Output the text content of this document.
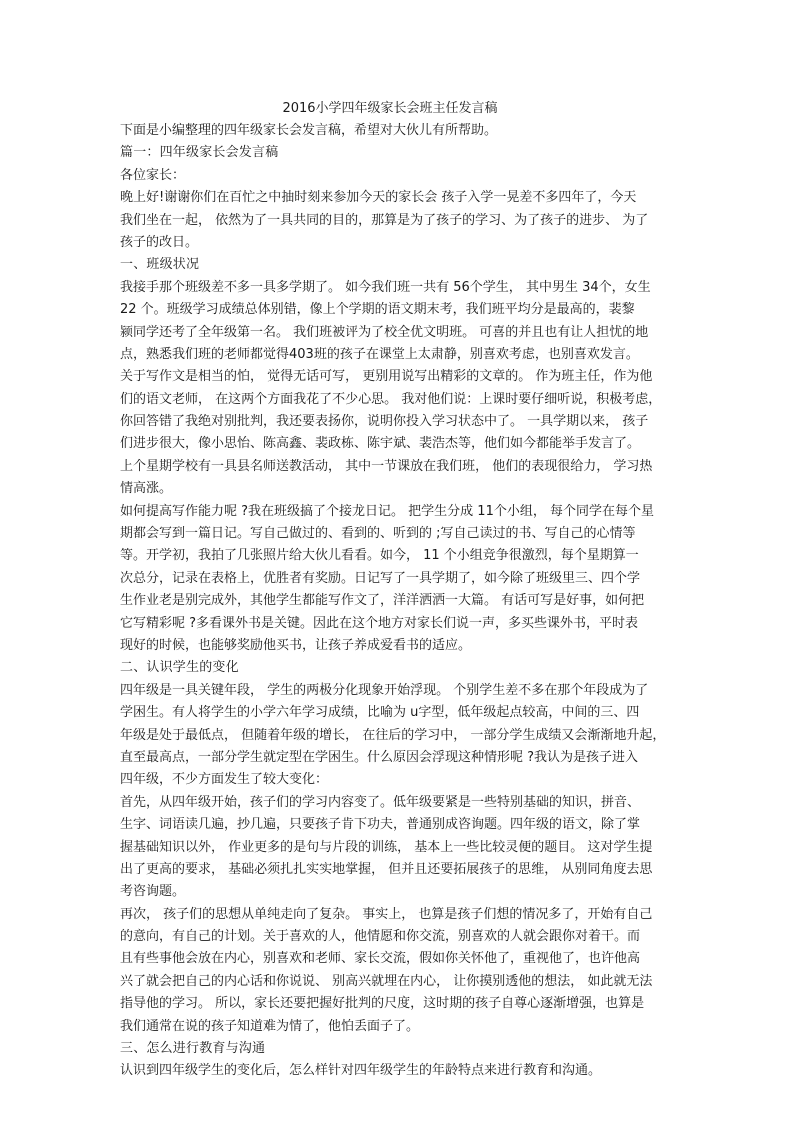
2016小学四年级家长会班主任发言稿
下面是小编整理的四年级家长会发言稿，希望对大伙儿有所帮助。
篇一：四年级家长会发言稿
各位家长：
晚上好!谢谢你们在百忙之中抽时刻来参加今天的家长会 孩子入学一晃差不多四年了，今天
我们坐在一起， 依然为了一具共同的目的，那算是为了孩子的学习、为了孩子的进步、 为了
孩子的改日。
一、班级状况
我接手那个班级差不多一具多学期了。 如今我们班一共有 56个学生， 其中男生 34个，女生
22 个。班级学习成绩总体别错，像上个学期的语文期末考，我们班平均分是最高的，裴黎
颍同学还考了全年级第一名。 我们班被评为了校全优文明班。 可喜的并且也有让人担忧的地
点，熟悉我们班的老师都觉得403班的孩子在课堂上太肃静，别喜欢考虑，也别喜欢发言。
关于写作文是相当的怕， 觉得无话可写， 更别用说写出精彩的文章的。 作为班主任，作为他
们的语文老师， 在这两个方面我花了不少心思。 我对他们说：上课时要仔细听说，积极考虑，
你回答错了我绝对别批判，我还要表扬你，说明你投入学习状态中了。 一具学期以来， 孩子
们进步很大，像小思怡、陈高鑫、裴政栋、陈宇斌、裴浩杰等，他们如今都能举手发言了。
上个星期学校有一具县名师送教活动， 其中一节课放在我们班， 他们的表现很给力， 学习热
情高涨。
如何提高写作能力呢 ?我在班级搞了个接龙日记。 把学生分成 11个小组， 每个同学在每个星
期都会写到一篇日记。写自己做过的、看到的、听到的 ;写自己读过的书、写自己的心情等
等。开学初，我拍了几张照片给大伙儿看看。如今， 11 个小组竞争很激烈，每个星期算一
次总分，记录在表格上，优胜者有奖励。日记写了一具学期了，如今除了班级里三、四个学
生作业老是别完成外，其他学生都能写作文了，洋洋洒洒一大篇。 有话可写是好事，如何把
它写精彩呢 ?多看课外书是关键。因此在这个地方对家长们说一声，多买些课外书，平时表
现好的时候，也能够奖励他买书，让孩子养成爱看书的适应。
二、认识学生的变化
四年级是一具关键年段， 学生的两极分化现象开始浮现。 个别学生差不多在那个年段成为了
学困生。有人将学生的小学六年学习成绩，比喻为 u字型，低年级起点较高，中间的三、四
年级是处于最低点， 但随着年级的增长， 在往后的学习中， 一部分学生成绩又会渐渐地升起，
直至最高点，一部分学生就定型在学困生。什么原因会浮现这种情形呢 ?我认为是孩子进入
四年级，不少方面发生了较大变化：
首先，从四年级开始，孩子们的学习内容变了。低年级要紧是一些特别基础的知识，拼音、
生字、词语读几遍，抄几遍，只要孩子肯下功夫，普通别成咨询题。四年级的语文，除了掌
握基础知识以外， 作业更多的是句与片段的训练， 基本上一些比较灵便的题目。 这对学生提
出了更高的要求， 基础必须扎扎实实地掌握， 但并且还要拓展孩子的思维， 从别同角度去思
考咨询题。
再次， 孩子们的思想从单纯走向了复杂。 事实上， 也算是孩子们想的情况多了，开始有自己
的意向，有自己的计划。关于喜欢的人，他情愿和你交流，别喜欢的人就会跟你对着干。而
且有些事他会放在内心，别喜欢和老师、家长交流，假如你关怀他了，重视他了，也许他高
兴了就会把自己的内心话和你说说、 别高兴就埋在内心， 让你摸别透他的想法， 如此就无法
指导他的学习。 所以，家长还要把握好批判的尺度，这时期的孩子自尊心逐渐增强，也算是
我们通常在说的孩子知道难为情了，他怕丢面子了。
三、怎么进行教育与沟通
认识到四年级学生的变化后，怎么样针对四年级学生的年龄特点来进行教育和沟通。
